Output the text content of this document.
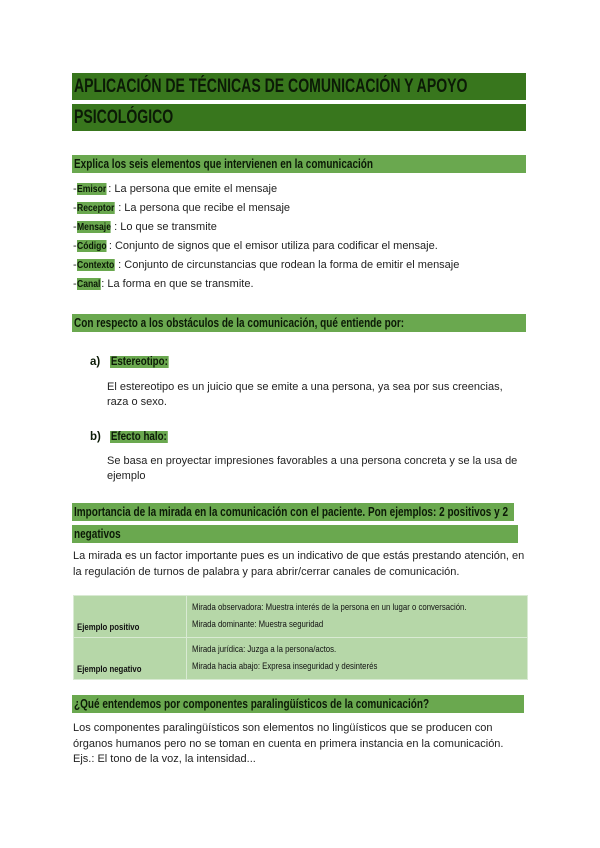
APLICACIÓN DE TÉCNICAS DE COMUNICACIÓN Y APOYO
PSICOLÓGICO
Explica los seis elementos que intervienen en la comunicación
-Emisor : La persona que emite el mensaje
-Receptor : La persona que recibe el mensaje
-Mensaje : Lo que se transmite
-Código : Conjunto de signos que el emisor utiliza para codificar el mensaje.
-Contexto : Conjunto de circunstancias que rodean la forma de emitir el mensaje
-Canal: La forma en que se transmite.
Con respecto a los obstáculos de la comunicación, qué entiende por:
a) Estereotipo:
El estereotipo es un juicio que se emite a una persona, ya sea por sus creencias,
raza o sexo.
b) Efecto halo:
Se basa en proyectar impresiones favorables a una persona concreta y se la usa de
ejemplo
Importancia de la mirada en la comunicación con el paciente. Pon ejemplos: 2 positivos y 2
negativos
La mirada es un factor importante pues es un indicativo de que estás prestando atención, en
la regulación de turnos de palabra y para abrir/cerrar canales de comunicación.
Ejemplo positivo	Mirada observadora: Muestra interés de la persona en un lugar o conversación.
Mirada dominante: Muestra seguridad

Ejemplo negativo	Mirada jurídica: Juzga a la persona/actos.
Mirada hacia abajo: Expresa inseguridad y desinterés
¿Qué entendemos por componentes paralingüísticos de la comunicación?
Los componentes paralingüísticos son elementos no lingüísticos que se producen con
órganos humanos pero no se toman en cuenta en primera instancia en la comunicación.
Ejs.: El tono de la voz, la intensidad...
